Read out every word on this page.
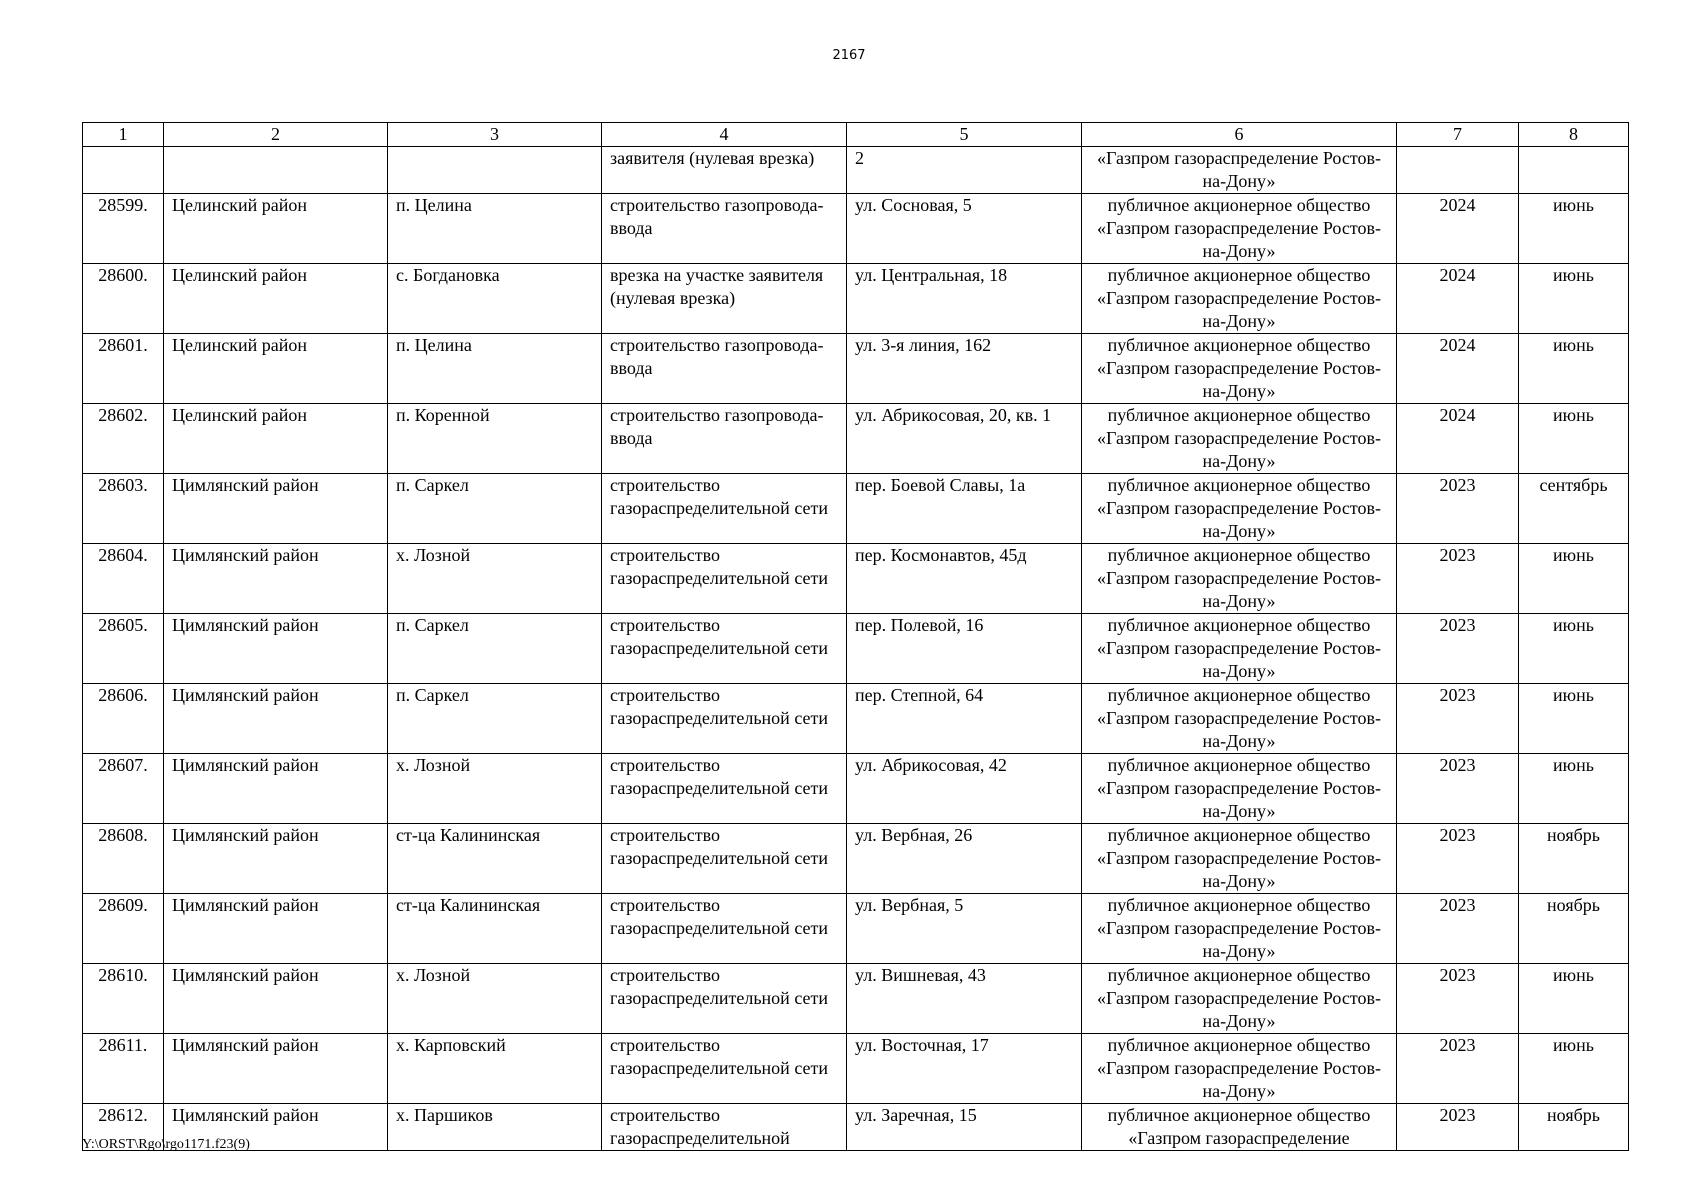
2167
1	2	3	4	5	6	7	8
			заявителя (нулевая врезка)	2	«Газпром газораспределение Ростов-на-Дону»		
28599.	Целинский район	п. Целина	строительство газопровода-ввода	ул. Сосновая, 5	публичное акционерное общество «Газпром газораспределение Ростов-на-Дону»	2024	июнь
28600.	Целинский район	с. Богдановка	врезка на участке заявителя (нулевая врезка)	ул. Центральная, 18	публичное акционерное общество «Газпром газораспределение Ростов-на-Дону»	2024	июнь
28601.	Целинский район	п. Целина	строительство газопровода-ввода	ул. 3-я линия, 162	публичное акционерное общество «Газпром газораспределение Ростов-на-Дону»	2024	июнь
28602.	Целинский район	п. Коренной	строительство газопровода-ввода	ул. Абрикосовая, 20, кв. 1	публичное акционерное общество «Газпром газораспределение Ростов-на-Дону»	2024	июнь
28603.	Цимлянский район	п. Саркел	строительство газораспределительной сети	пер. Боевой Славы, 1а	публичное акционерное общество «Газпром газораспределение Ростов-на-Дону»	2023	сентябрь
28604.	Цимлянский район	х. Лозной	строительство газораспределительной сети	пер. Космонавтов, 45д	публичное акционерное общество «Газпром газораспределение Ростов-на-Дону»	2023	июнь
28605.	Цимлянский район	п. Саркел	строительство газораспределительной сети	пер. Полевой, 16	публичное акционерное общество «Газпром газораспределение Ростов-на-Дону»	2023	июнь
28606.	Цимлянский район	п. Саркел	строительство газораспределительной сети	пер. Степной, 64	публичное акционерное общество «Газпром газораспределение Ростов-на-Дону»	2023	июнь
28607.	Цимлянский район	х. Лозной	строительство газораспределительной сети	ул. Абрикосовая, 42	публичное акционерное общество «Газпром газораспределение Ростов-на-Дону»	2023	июнь
28608.	Цимлянский район	ст-ца Калининская	строительство газораспределительной сети	ул. Вербная, 26	публичное акционерное общество «Газпром газораспределение Ростов-на-Дону»	2023	ноябрь
28609.	Цимлянский район	ст-ца Калининская	строительство газораспределительной сети	ул. Вербная, 5	публичное акционерное общество «Газпром газораспределение Ростов-на-Дону»	2023	ноябрь
28610.	Цимлянский район	х. Лозной	строительство газораспределительной сети	ул. Вишневая, 43	публичное акционерное общество «Газпром газораспределение Ростов-на-Дону»	2023	июнь
28611.	Цимлянский район	х. Карповский	строительство газораспределительной сети	ул. Восточная, 17	публичное акционерное общество «Газпром газораспределение Ростов-на-Дону»	2023	июнь
28612.	Цимлянский район	х. Паршиков	строительство газораспределительной	ул. Заречная, 15	публичное акционерное общество «Газпром газораспределение	2023	ноябрь
Y:\ORST\Rgo\rgo1171.f23(9)
